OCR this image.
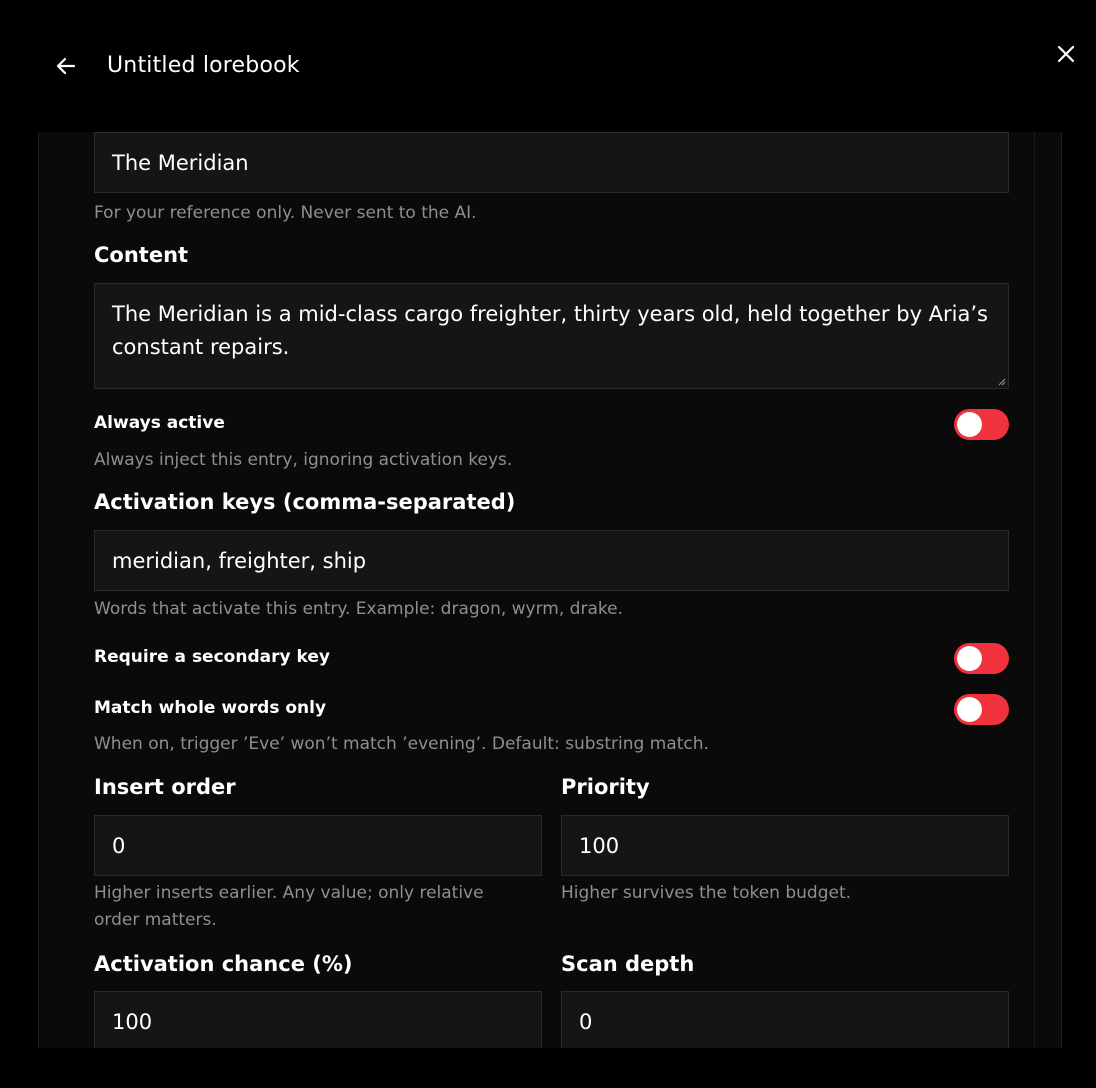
Untitled lorebook
The Meridian
For your reference only. Never sent to the AI.
Content
The Meridian is a mid-class cargo freighter, thirty years old, held together by Aria’s constant repairs.
Always active
Always inject this entry, ignoring activation keys.
Activation keys (comma-separated)
meridian, freighter, ship
Words that activate this entry. Example: dragon, wyrm, drake.
Require a secondary key
Match whole words only
When on, trigger ’Eve’ won’t match ’evening’. Default: substring match.
Insert order
0
Higher inserts earlier. Any value; only relative order matters.
Priority
100
Higher survives the token budget.
Activation chance (%)
100
Scan depth
0
